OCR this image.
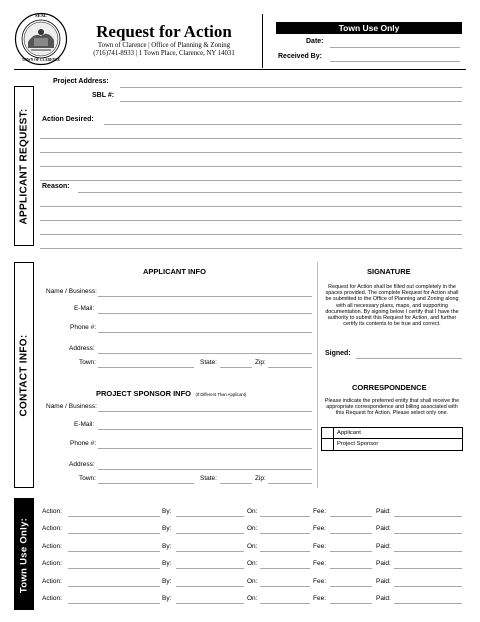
SEAL
TOWN OF CLARENCE
Request for Action
Town of Clarence | Office of Planning & Zoning
(716)741-8933 | 1 Town Place, Clarence, NY 14031
Town Use Only
Date:
Received By:
APPLICANT REQUEST:
Project Address:
SBL #:
Action Desired:
Reason:
CONTACT INFO:
APPLICANT INFO
Name / Business:
E-Mail:
Phone #:
Address:
Town:	State:	Zip:
PROJECT SPONSOR INFO (If Different Than Applicant)
Name / Business:
E-Mail:
Phone #:
Address:
Town:	State:	Zip:
SIGNATURE
Request for Action shall be filled out completely in the spaces provided. The complete Request for Action shall be submitted to the Office of Planning and Zoning along with all necessary plans, maps, and supporting documentation. By signing below I certify that I have the authority to submit this Request for Action, and further certify its contents to be true and correct.
Signed:
CORRESPONDENCE
Please indicate the preferred entity that shall receive the appropriate correspondence and billing associated with this Request for Action. Please select only one.
Applicant
Project Sponsor
Town Use Only:
Action:	By:	On:	Fee:	Paid:
Action:	By:	On:	Fee:	Paid:
Action:	By:	On:	Fee:	Paid:
Action:	By:	On:	Fee:	Paid:
Action:	By:	On:	Fee:	Paid:
Action:	By:	On:	Fee:	Paid:
